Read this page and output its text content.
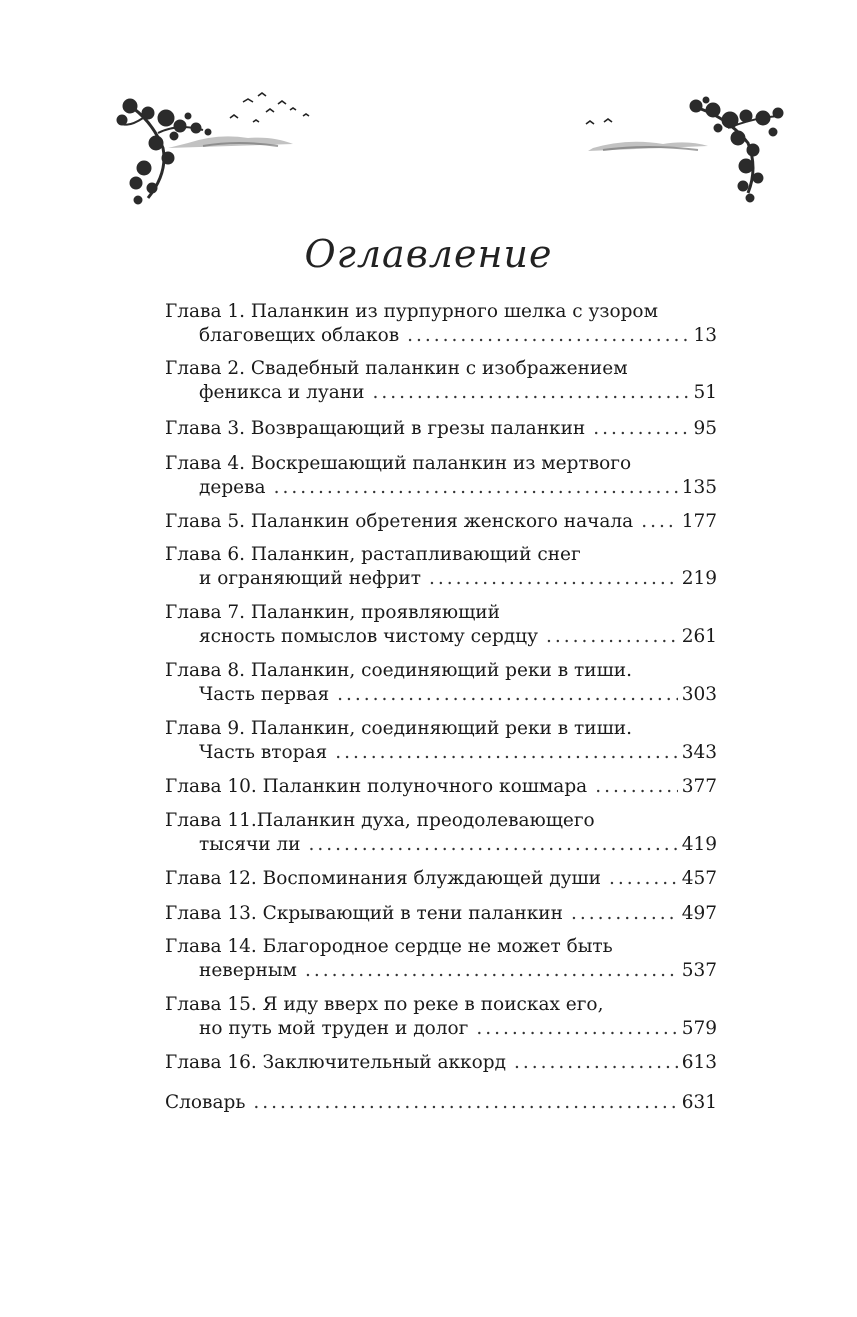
Оглавление
Глава 1. Паланкин из пурпурного шелка с узором
благовещих облаков .....	13
Глава 2. Свадебный паланкин с изображением
феникса и луани .....	51
Глава 3. Возвращающий в грезы паланкин .....	95
Глава 4. Воскрешающий паланкин из мертвого
дерева .....	135
Глава 5. Паланкин обретения женского начала .....	177
Глава 6. Паланкин, растапливающий снег
и ограняющий нефрит .....	219
Глава 7. Паланкин, проявляющий
ясность помыслов чистому сердцу .....	261
Глава 8. Паланкин, соединяющий реки в тиши.
Часть первая .....	303
Глава 9. Паланкин, соединяющий реки в тиши.
Часть вторая .....	343
Глава 10. Паланкин полуночного кошмара .....	377
Глава 11.Паланкин духа, преодолевающего
тысячи ли .....	419
Глава 12. Воспоминания блуждающей души .....	457
Глава 13. Скрывающий в тени паланкин .....	497
Глава 14. Благородное сердце не может быть
неверным .....	537
Глава 15. Я иду вверх по реке в поисках его,
но путь мой труден и долог .....	579
Глава 16. Заключительный аккорд .....	613
Словарь .....	631
